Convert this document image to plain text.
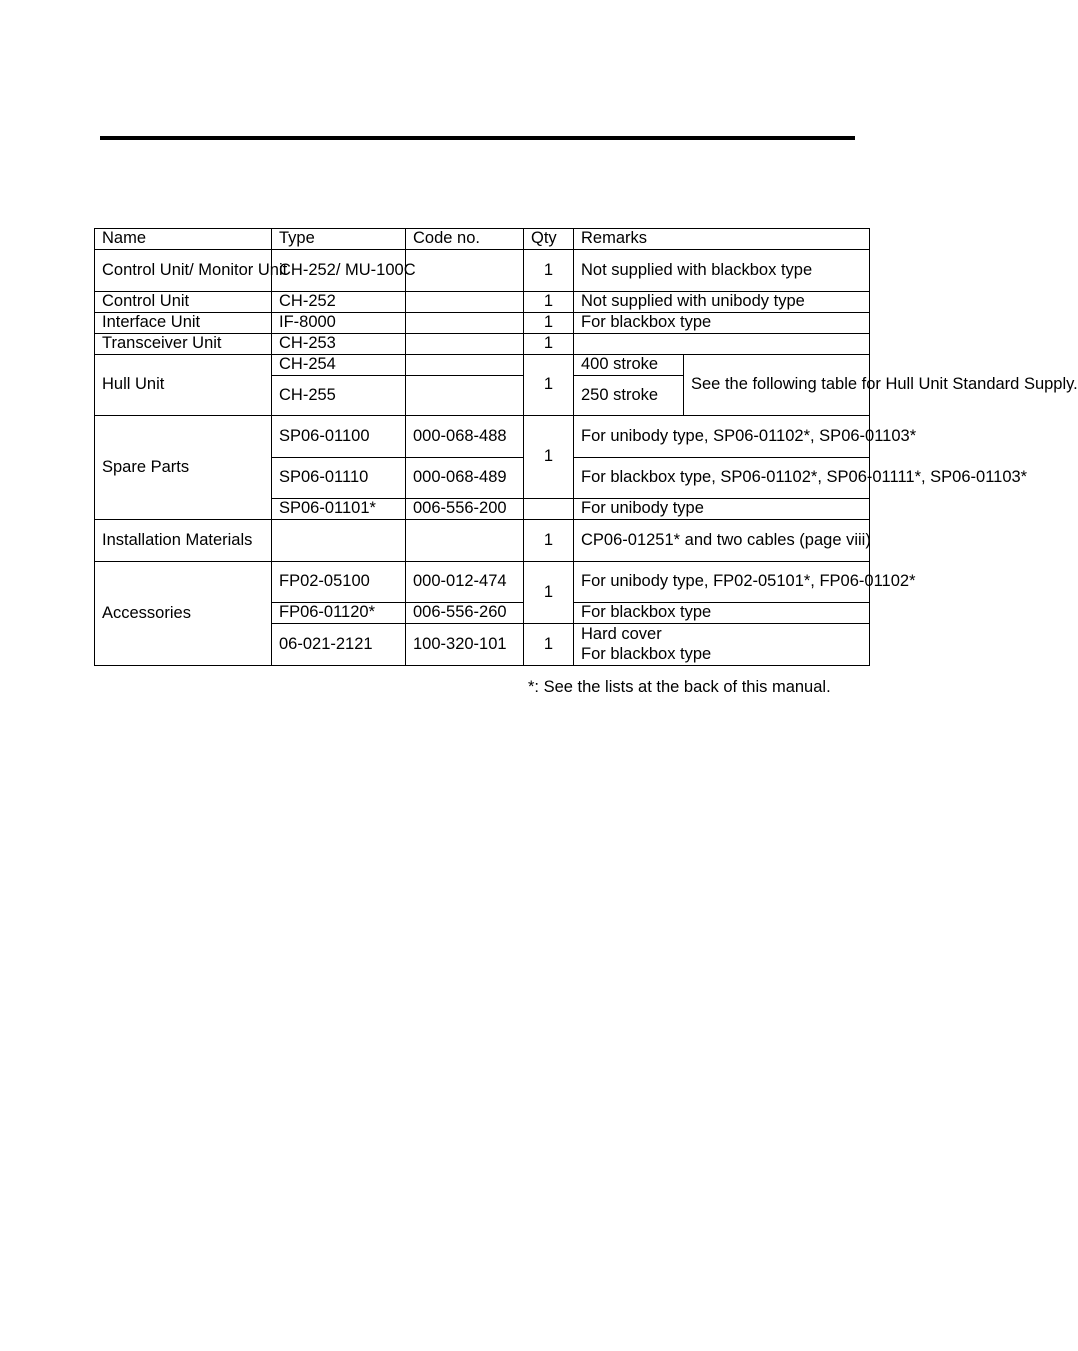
Name	Type	Code no.	Qty	Remarks	
Control Unit/ Monitor Unit	CH-252/ MU-100C		1	Not supplied with blackbox type	
Control Unit	CH-252		1	Not supplied with unibody type	
Interface Unit	IF-8000		1	For blackbox type	
Transceiver Unit	CH-253		1		
Hull Unit	CH-254		1	400 stroke	See the following table for Hull Unit Standard Supply.
	CH-255			250 stroke	
Spare Parts	SP06-01100	000-068-488	1	For unibody type, SP06-01102*, SP06-01103*	
	SP06-01110	000-068-489		For blackbox type, SP06-01102*, SP06-01111*, SP06-01103*	
	SP06-01101*	006-556-200		For unibody type	
Installation Materials			1	CP06-01251* and two cables (page viii)	
Accessories	FP02-05100	000-012-474	1	For unibody type, FP02-05101*, FP06-01102*	
	FP06-01120*	006-556-260		For blackbox type	
	06-021-2121	100-320-101	1	Hard cover
For blackbox type	
*: See the lists at the back of this manual.
